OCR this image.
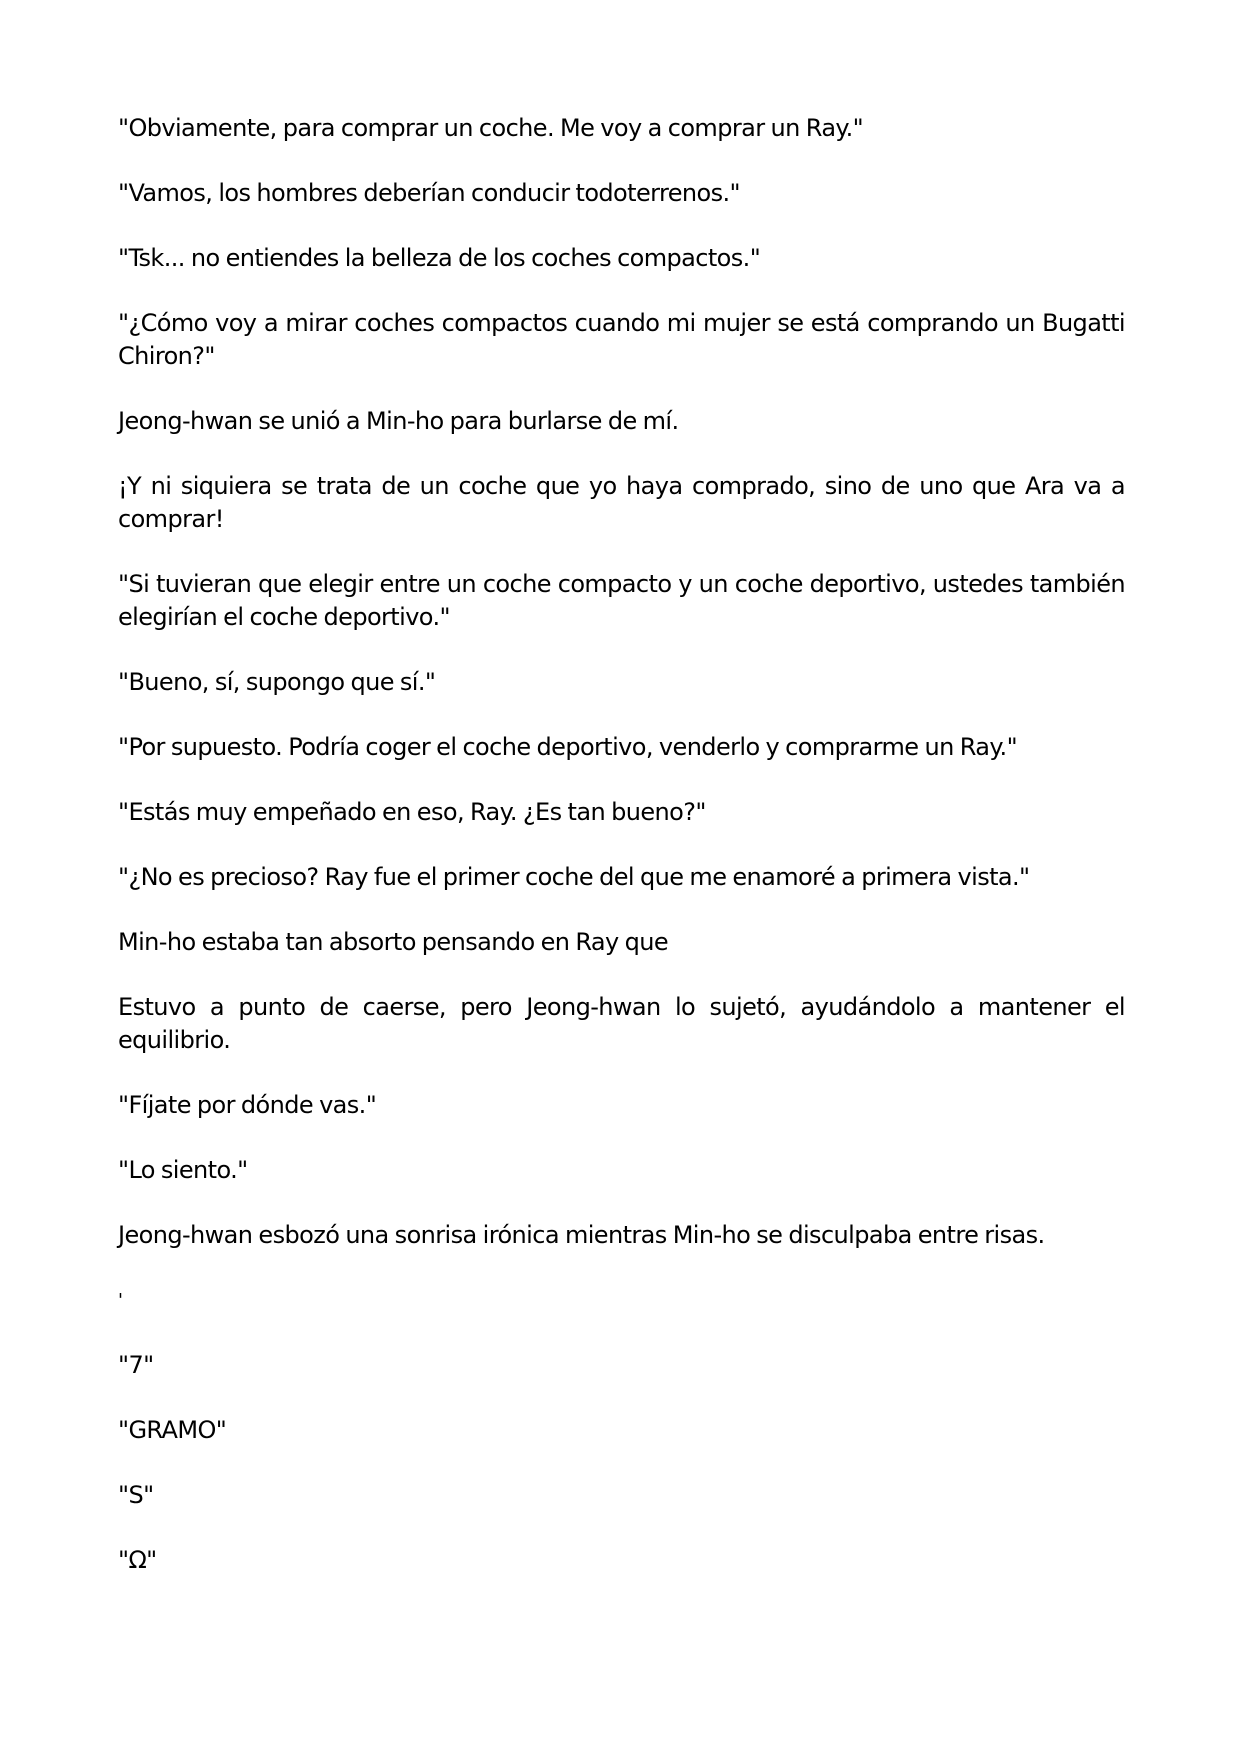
"Obviamente, para comprar un coche. Me voy a comprar un Ray."

"Vamos, los hombres deberían conducir todoterrenos."

"Tsk... no entiendes la belleza de los coches compactos."

"¿Cómo voy a mirar coches compactos cuando mi mujer se está comprando un Bugatti Chiron?"

Jeong-hwan se unió a Min-ho para burlarse de mí.

¡Y ni siquiera se trata de un coche que yo haya comprado, sino de uno que Ara va a comprar!

"Si tuvieran que elegir entre un coche compacto y un coche deportivo, ustedes también elegirían el coche deportivo."

"Bueno, sí, supongo que sí."

"Por supuesto. Podría coger el coche deportivo, venderlo y comprarme un Ray."

"Estás muy empeñado en eso, Ray. ¿Es tan bueno?"

"¿No es precioso? Ray fue el primer coche del que me enamoré a primera vista."

Min-ho estaba tan absorto pensando en Ray que

Estuvo a punto de caerse, pero Jeong-hwan lo sujetó, ayudándolo a mantener el equilibrio.

"Fíjate por dónde vas."

"Lo siento."

Jeong-hwan esbozó una sonrisa irónica mientras Min-ho se disculpaba entre risas.

'

"7"

"GRAMO"

"S"

"Ω"
